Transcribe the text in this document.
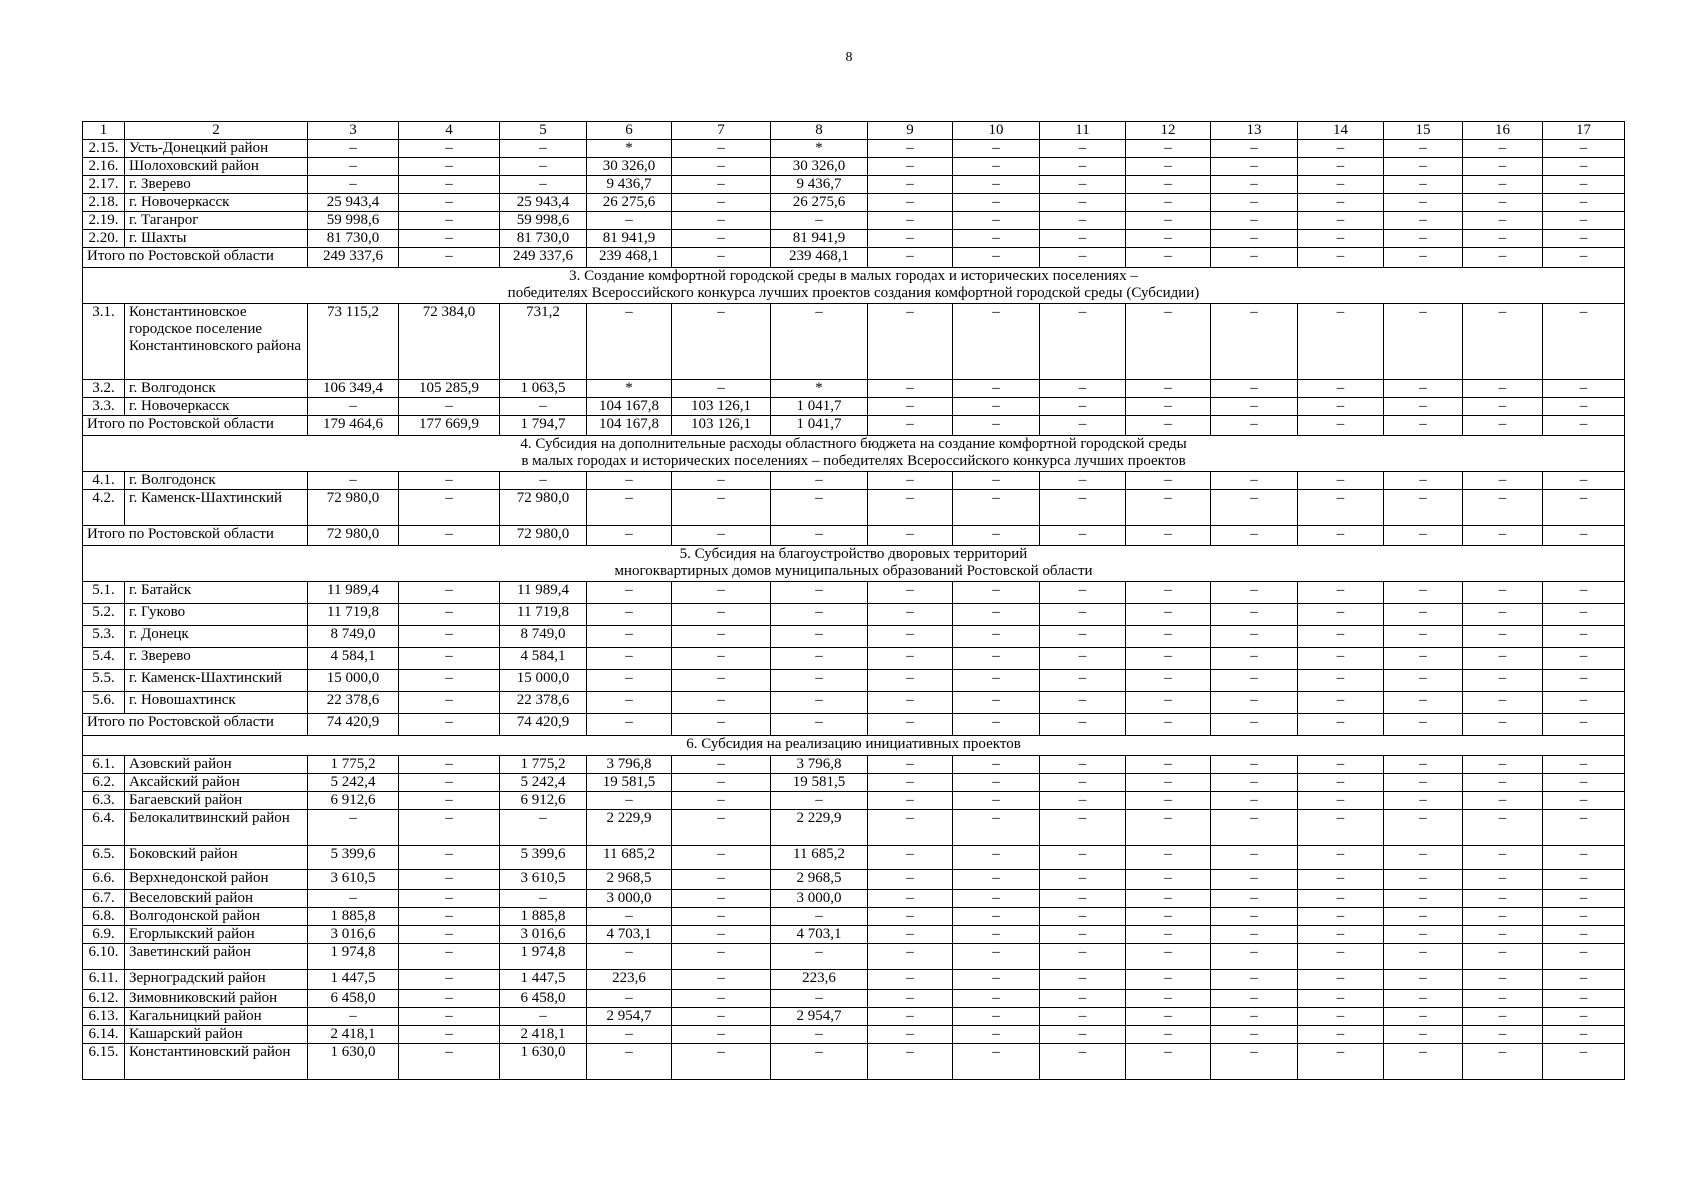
8
1	2	3	4	5	6	7	8	9	10	11	12	13	14	15	16	17
2.15.	Усть-Донецкий район	–	–	–	*	–	*	–	–	–	–	–	–	–	–	–
2.16.	Шолоховский район	–	–	–	30 326,0	–	30 326,0	–	–	–	–	–	–	–	–	–
2.17.	г. Зверево	–	–	–	9 436,7	–	9 436,7	–	–	–	–	–	–	–	–	–
2.18.	г. Новочеркасск	25 943,4	–	25 943,4	26 275,6	–	26 275,6	–	–	–	–	–	–	–	–	–
2.19.	г. Таганрог	59 998,6	–	59 998,6	–	–	–	–	–	–	–	–	–	–	–	–
2.20.	г. Шахты	81 730,0	–	81 730,0	81 941,9	–	81 941,9	–	–	–	–	–	–	–	–	–
Итого по Ростовской области		249 337,6	–	249 337,6	239 468,1	–	239 468,1	–	–	–	–	–	–	–	–	–

3. Создание комфортной городской среды в малых городах и исторических поселениях –
победителях Всероссийского конкурса лучших проектов создания комфортной городской среды (Субсидии)																

3.1.	Константиновское городское поселение Константиновского района	73 115,2	72 384,0	731,2	–	–	–	–	–	–	–	–	–	–	–	–
3.2.	г. Волгодонск	106 349,4	105 285,9	1 063,5	*	–	*	–	–	–	–	–	–	–	–	–
3.3.	г. Новочеркасск	–	–	–	104 167,8	103 126,1	1 041,7	–	–	–	–	–	–	–	–	–
Итого по Ростовской области		179 464,6	177 669,9	1 794,7	104 167,8	103 126,1	1 041,7	–	–	–	–	–	–	–	–	–

4. Субсидия на дополнительные расходы областного бюджета на создание комфортной городской среды
в малых городах и исторических поселениях – победителях Всероссийского конкурса лучших проектов																

4.1.	г. Волгодонск	–	–	–	–	–	–	–	–	–	–	–	–	–	–	–
4.2.	г. Каменск-Шахтинский	72 980,0	–	72 980,0	–	–	–	–	–	–	–	–	–	–	–	–
Итого по Ростовской области		72 980,0	–	72 980,0	–	–	–	–	–	–	–	–	–	–	–	–

5. Субсидия на благоустройство дворовых территорий
многоквартирных домов муниципальных образований Ростовской области																

5.1.	г. Батайск	11 989,4	–	11 989,4	–	–	–	–	–	–	–	–	–	–	–	–
5.2.	г. Гуково	11 719,8	–	11 719,8	–	–	–	–	–	–	–	–	–	–	–	–
5.3.	г. Донецк	8 749,0	–	8 749,0	–	–	–	–	–	–	–	–	–	–	–	–
5.4.	г. Зверево	4 584,1	–	4 584,1	–	–	–	–	–	–	–	–	–	–	–	–
5.5.	г. Каменск-Шахтинский	15 000,0	–	15 000,0	–	–	–	–	–	–	–	–	–	–	–	–
5.6.	г. Новошахтинск	22 378,6	–	22 378,6	–	–	–	–	–	–	–	–	–	–	–	–
Итого по Ростовской области		74 420,9	–	74 420,9	–	–	–	–	–	–	–	–	–	–	–	–

6. Субсидия на реализацию инициативных проектов																

6.1.	Азовский район	1 775,2	–	1 775,2	3 796,8	–	3 796,8	–	–	–	–	–	–	–	–	–
6.2.	Аксайский район	5 242,4	–	5 242,4	19 581,5	–	19 581,5	–	–	–	–	–	–	–	–	–
6.3.	Багаевский район	6 912,6	–	6 912,6	–	–	–	–	–	–	–	–	–	–	–	–
6.4.	Белокалитвинский район	–	–	–	2 229,9	–	2 229,9	–	–	–	–	–	–	–	–	–
6.5.	Боковский район	5 399,6	–	5 399,6	11 685,2	–	11 685,2	–	–	–	–	–	–	–	–	–
6.6.	Верхнедонской район	3 610,5	–	3 610,5	2 968,5	–	2 968,5	–	–	–	–	–	–	–	–	–
6.7.	Веселовский район	–	–	–	3 000,0	–	3 000,0	–	–	–	–	–	–	–	–	–
6.8.	Волгодонской район	1 885,8	–	1 885,8	–	–	–	–	–	–	–	–	–	–	–	–
6.9.	Егорлыкский район	3 016,6	–	3 016,6	4 703,1	–	4 703,1	–	–	–	–	–	–	–	–	–
6.10.	Заветинский район	1 974,8	–	1 974,8	–	–	–	–	–	–	–	–	–	–	–	–
6.11.	Зерноградский район	1 447,5	–	1 447,5	223,6	–	223,6	–	–	–	–	–	–	–	–	–
6.12.	Зимовниковский район	6 458,0	–	6 458,0	–	–	–	–	–	–	–	–	–	–	–	–
6.13.	Кагальницкий район	–	–	–	2 954,7	–	2 954,7	–	–	–	–	–	–	–	–	–
6.14.	Кашарский район	2 418,1	–	2 418,1	–	–	–	–	–	–	–	–	–	–	–	–
6.15.	Константиновский район	1 630,0	–	1 630,0	–	–	–	–	–	–	–	–	–	–	–	–
